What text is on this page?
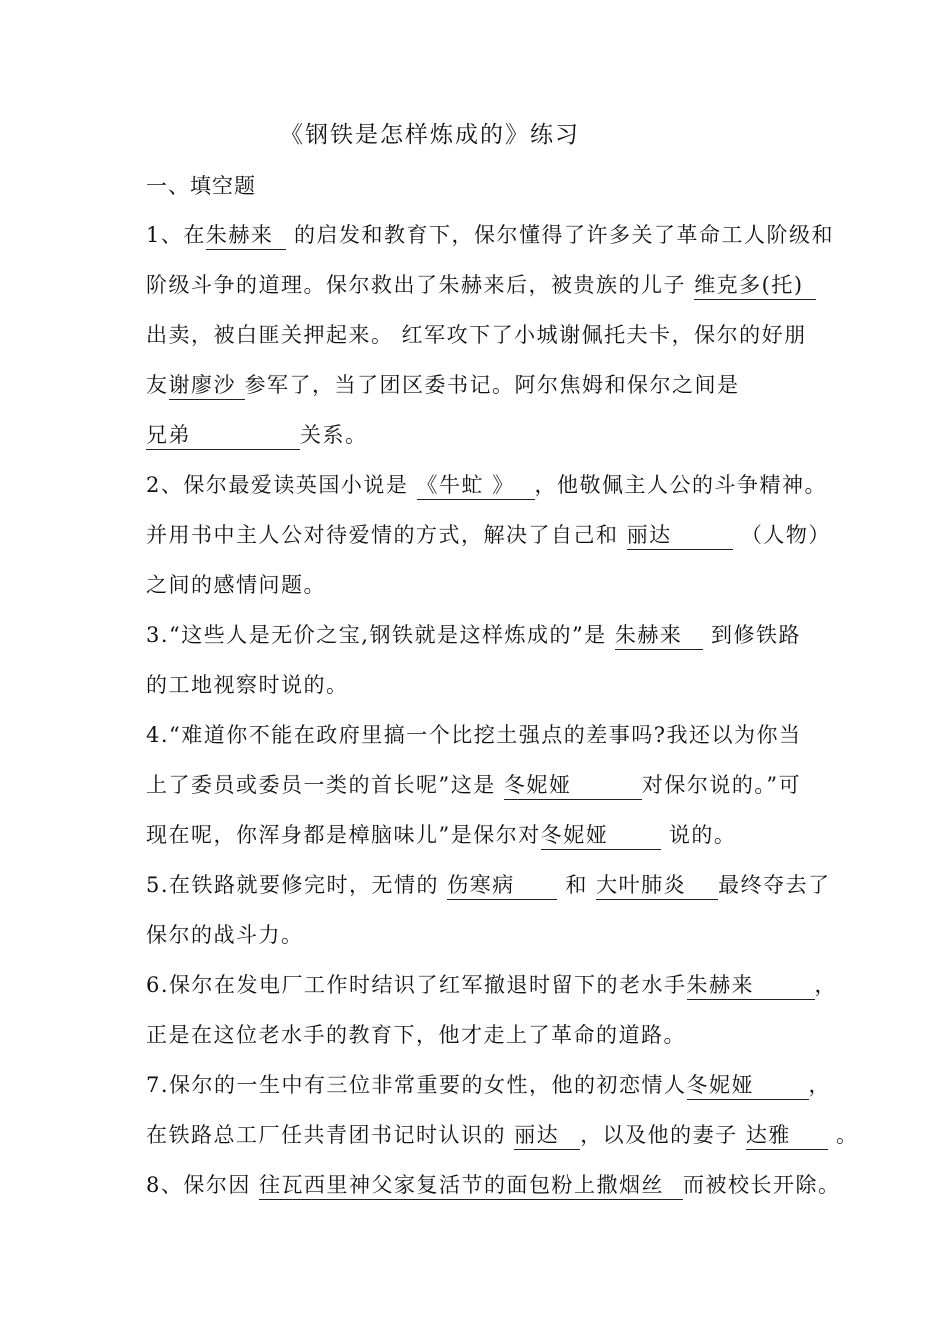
《钢铁是怎样炼成的》练习
一、填空题
1、在朱赫来 的启发和教育下，保尔懂得了许多关了革命工人阶级和
阶级斗争的道理。保尔救出了朱赫来后，被贵族的儿子 维克多(托)
出卖，被白匪关押起来。 红军攻下了小城谢佩托夫卡，保尔的好朋
友谢廖沙 参军了，当了团区委书记。阿尔焦姆和保尔之间是
兄弟	关系。
2、保尔最爱读英国小说是 《牛虻 》 ，他敬佩主人公的斗争精神。
并用书中主人公对待爱情的方式，解决了自己和 丽达	（人物）
之间的感情问题。
3.“这些人是无价之宝,钢铁就是这样炼成的”是 朱赫来 到修铁路
的工地视察时说的。
4.“难道你不能在政府里搞一个比挖土强点的差事吗?我还以为你当
上了委员或委员一类的首长呢”这是 冬妮娅	对保尔说的。”可
现在呢，你浑身都是樟脑味儿”是保尔对冬妮娅	说的。
5.在铁路就要修完时，无情的 伤寒病 和 大叶肺炎 最终夺去了
保尔的战斗力。
6.保尔在发电厂工作时结识了红军撤退时留下的老水手朱赫来	，
正是在这位老水手的教育下，他才走上了革命的道路。
7.保尔的一生中有三位非常重要的女性，他的初恋情人冬妮娅	，
在铁路总工厂任共青团书记时认识的 丽达 ，以及他的妻子 达雅 。
8、保尔因 往瓦西里神父家复活节的面包粉上撒烟丝 而被校长开除。
